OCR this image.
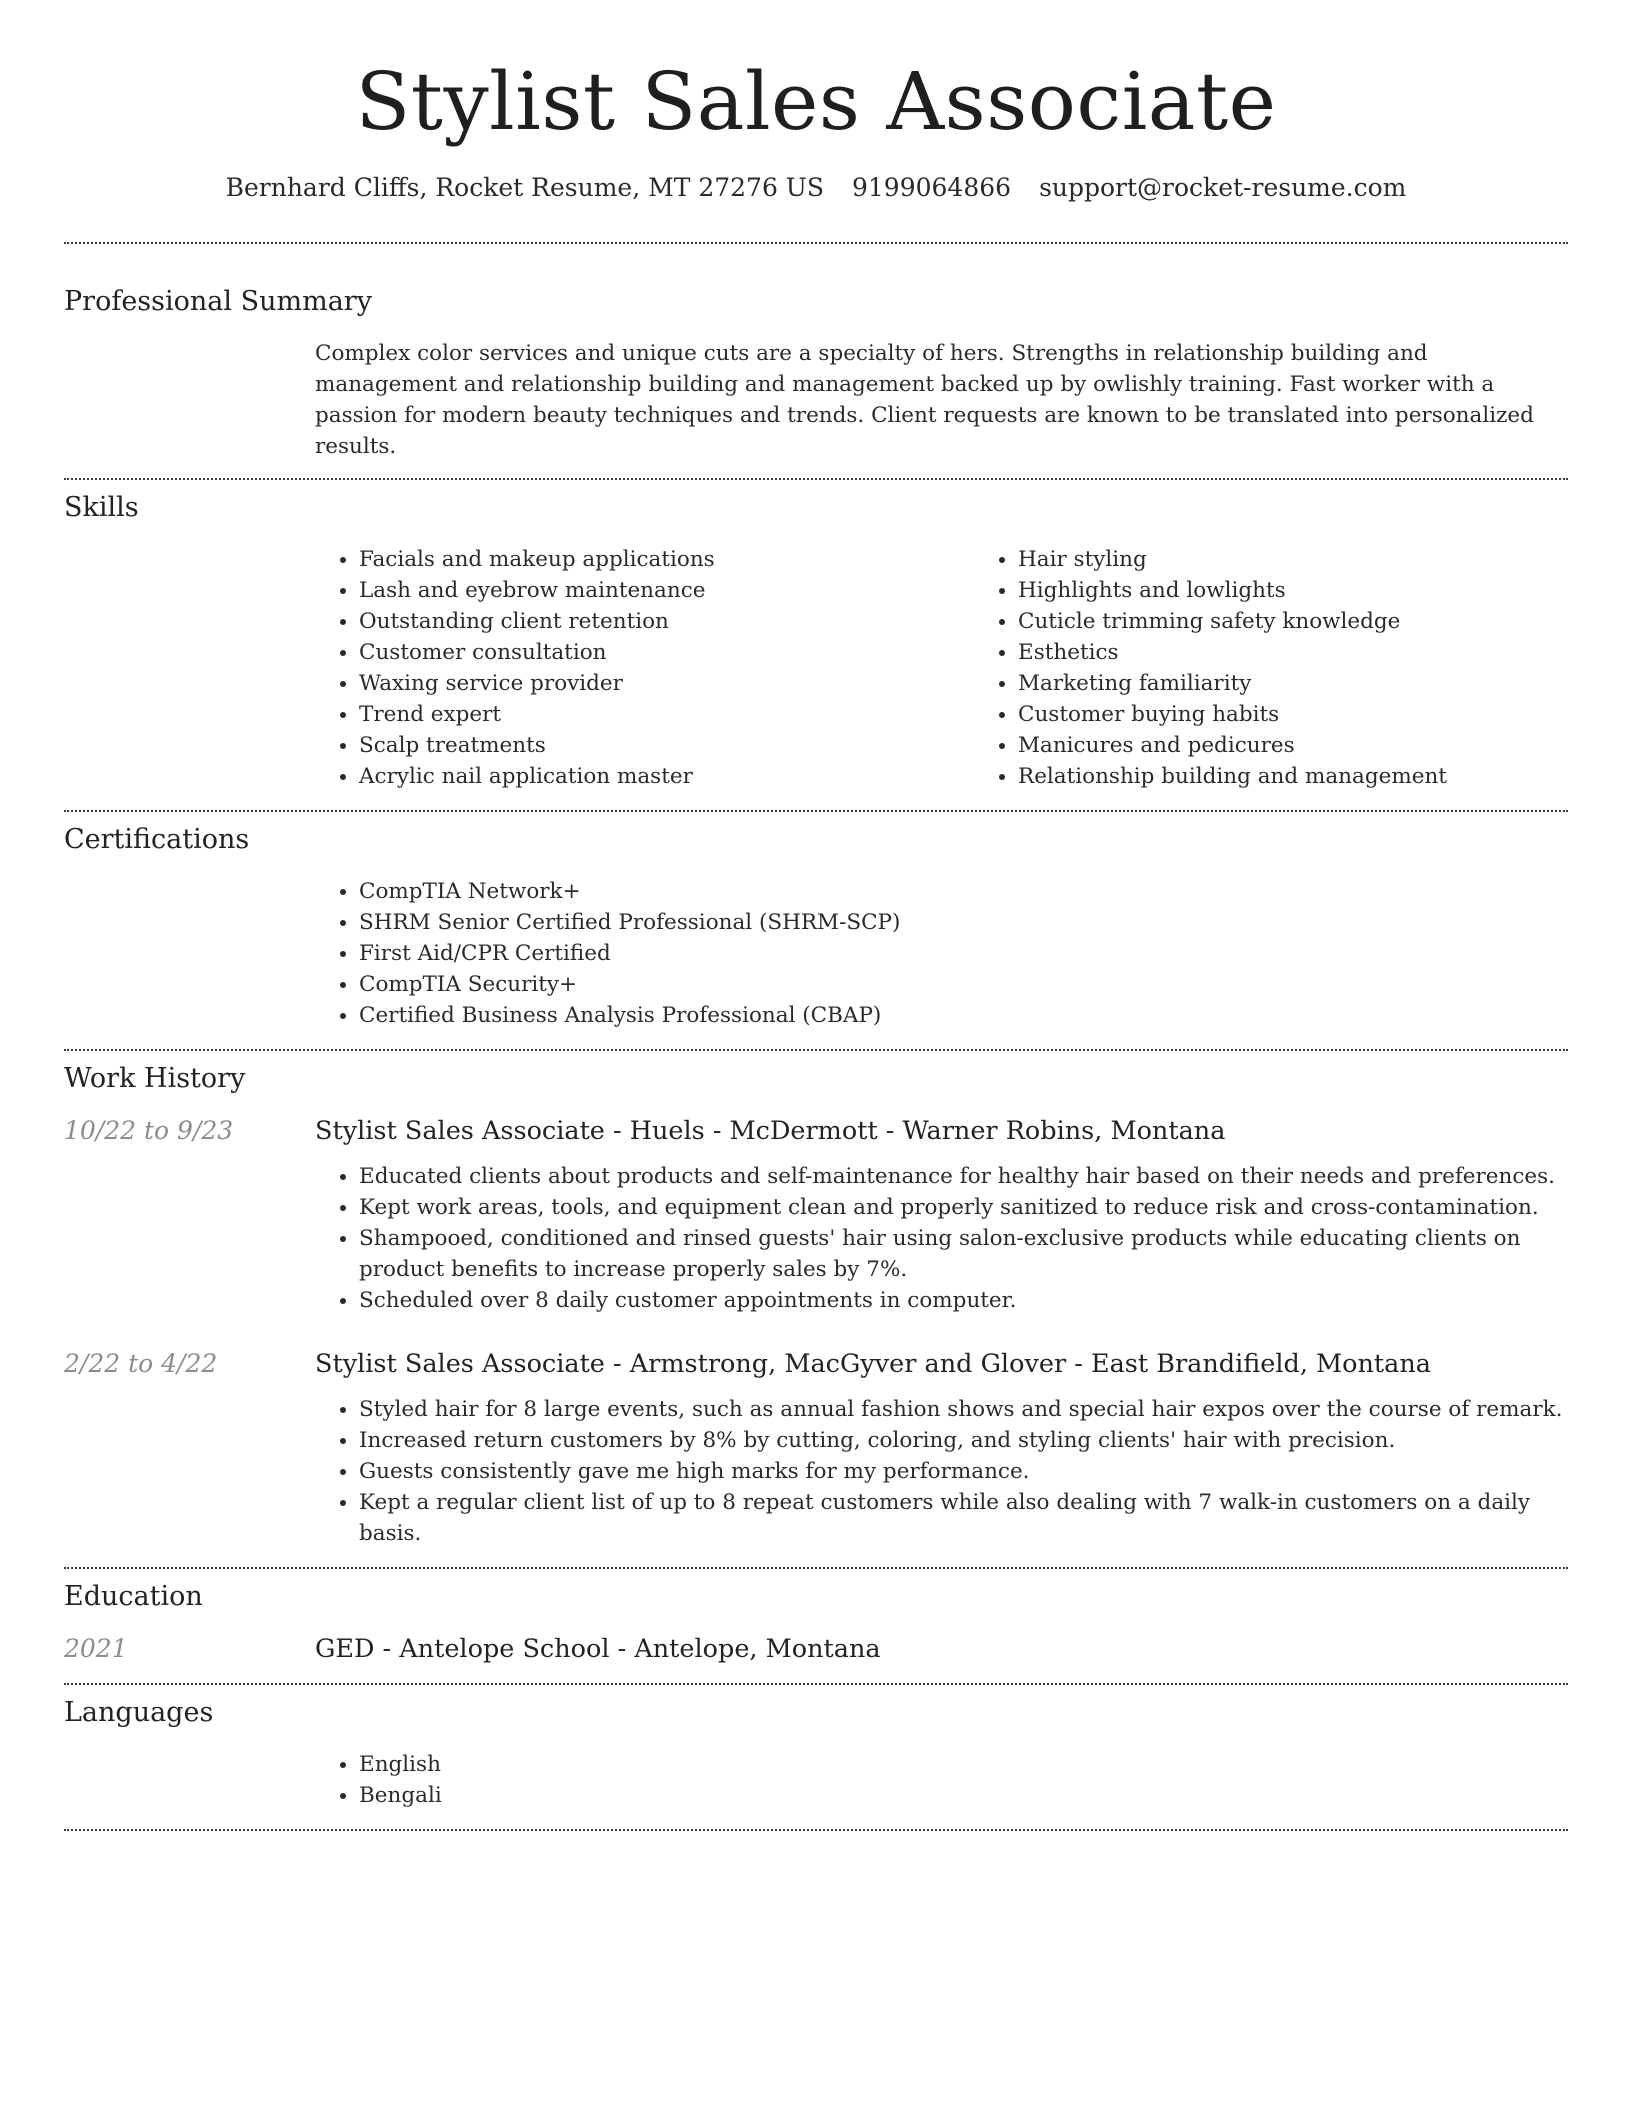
Stylist Sales Associate
Bernhard Cliffs, Rocket Resume, MT 27276 US 9199064866 support@rocket-resume.com
Professional Summary

Complex color services and unique cuts are a specialty of hers. Strengths in relationship building and management and relationship building and management backed up by owlishly training. Fast worker with a passion for modern beauty techniques and trends. Client requests are known to be translated into personalized results.

Skills
• Facials and makeup applications
• Lash and eyebrow maintenance
• Outstanding client retention
• Customer consultation
• Waxing service provider
• Trend expert
• Scalp treatments
• Acrylic nail application master
• Hair styling
• Highlights and lowlights
• Cuticle trimming safety knowledge
• Esthetics
• Marketing familiarity
• Customer buying habits
• Manicures and pedicures
• Relationship building and management
Certifications
• CompTIA Network+
• SHRM Senior Certified Professional (SHRM-SCP)
• First Aid/CPR Certified
• CompTIA Security+
• Certified Business Analysis Professional (CBAP)
Work History
10/22 to 9/23	Stylist Sales Associate - Huels - McDermott - Warner Robins, Montana
• Educated clients about products and self-maintenance for healthy hair based on their needs and preferences.
• Kept work areas, tools, and equipment clean and properly sanitized to reduce risk and cross-contamination.
• Shampooed, conditioned and rinsed guests' hair using salon-exclusive products while educating clients on product benefits to increase properly sales by 7%.
• Scheduled over 8 daily customer appointments in computer.
2/22 to 4/22	Stylist Sales Associate - Armstrong, MacGyver and Glover - East Brandifield, Montana
• Styled hair for 8 large events, such as annual fashion shows and special hair expos over the course of remark.
• Increased return customers by 8% by cutting, coloring, and styling clients' hair with precision.
• Guests consistently gave me high marks for my performance.
• Kept a regular client list of up to 8 repeat customers while also dealing with 7 walk-in customers on a daily basis.
Education
2021	GED - Antelope School - Antelope, Montana
Languages
• English
• Bengali
